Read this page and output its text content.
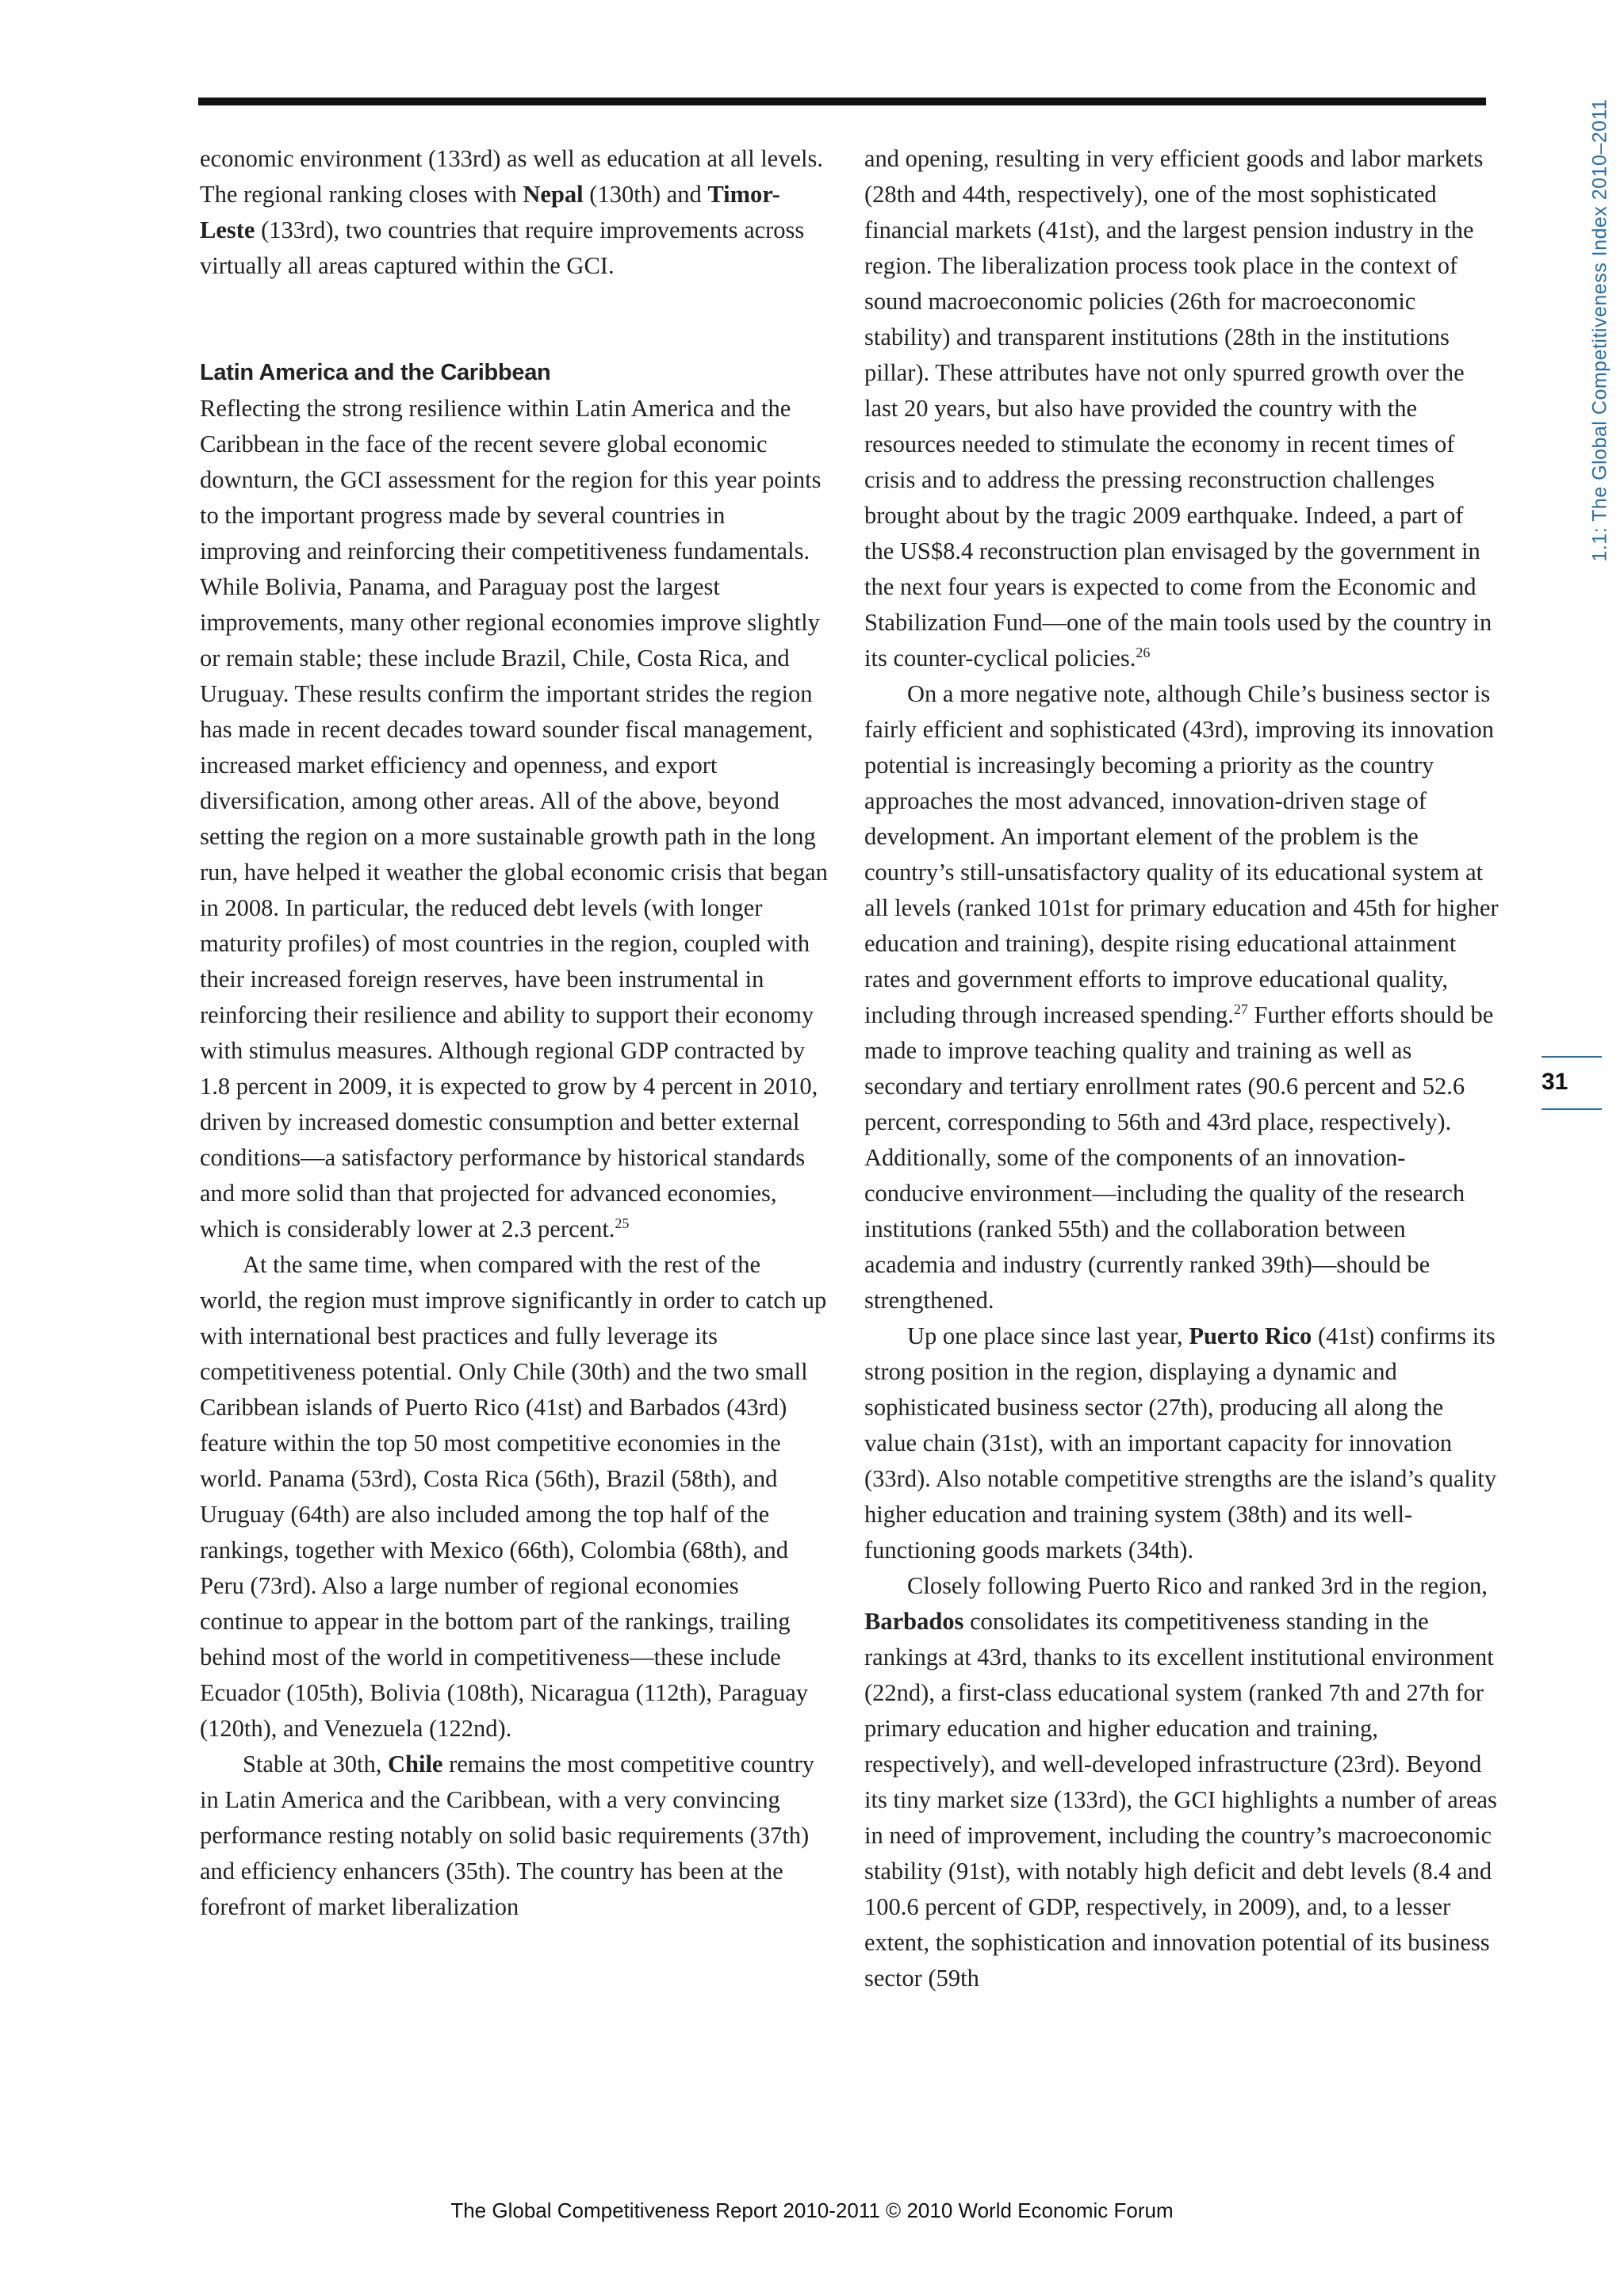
economic environment (133rd) as well as education at all levels. The regional ranking closes with Nepal (130th) and Timor-Leste (133rd), two countries that require improvements across virtually all areas captured within the GCI.

Latin America and the Caribbean

Reflecting the strong resilience within Latin America and the Caribbean in the face of the recent severe global economic downturn, the GCI assessment for the region for this year points to the important progress made by several countries in improving and reinforcing their competitiveness fundamentals. While Bolivia, Panama, and Paraguay post the largest improvements, many other regional economies improve slightly or remain stable; these include Brazil, Chile, Costa Rica, and Uruguay. These results confirm the important strides the region has made in recent decades toward sounder fiscal management, increased market efficiency and openness, and export diversification, among other areas. All of the above, beyond setting the region on a more sustainable growth path in the long run, have helped it weather the global economic crisis that began in 2008. In particular, the reduced debt levels (with longer maturity profiles) of most countries in the region, coupled with their increased foreign reserves, have been instrumental in reinforcing their resilience and ability to support their economy with stimulus measures. Although regional GDP contracted by 1.8 percent in 2009, it is expected to grow by 4 percent in 2010, driven by increased domestic consumption and better external conditions—a satisfactory performance by historical standards and more solid than that projected for advanced economies, which is considerably lower at 2.3 percent.$^{25}$

At the same time, when compared with the rest of the world, the region must improve significantly in order to catch up with international best practices and fully leverage its competitiveness potential. Only Chile (30th) and the two small Caribbean islands of Puerto Rico (41st) and Barbados (43rd) feature within the top 50 most competitive economies in the world. Panama (53rd), Costa Rica (56th), Brazil (58th), and Uruguay (64th) are also included among the top half of the rankings, together with Mexico (66th), Colombia (68th), and Peru (73rd). Also a large number of regional economies continue to appear in the bottom part of the rankings, trailing behind most of the world in competitiveness—these include Ecuador (105th), Bolivia (108th), Nicaragua (112th), Paraguay (120th), and Venezuela (122nd).

Stable at 30th, Chile remains the most competitive country in Latin America and the Caribbean, with a very convincing performance resting notably on solid basic requirements (37th) and efficiency enhancers (35th). The country has been at the forefront of market liberalization

and opening, resulting in very efficient goods and labor markets (28th and 44th, respectively), one of the most sophisticated financial markets (41st), and the largest pension industry in the region. The liberalization process took place in the context of sound macroeconomic policies (26th for macroeconomic stability) and transparent institutions (28th in the institutions pillar). These attributes have not only spurred growth over the last 20 years, but also have provided the country with the resources needed to stimulate the economy in recent times of crisis and to address the pressing reconstruction challenges brought about by the tragic 2009 earthquake. Indeed, a part of the US$8.4 reconstruction plan envisaged by the government in the next four years is expected to come from the Economic and Stabilization Fund—one of the main tools used by the country in its counter-cyclical policies.$^{26}$

On a more negative note, although Chile’s business sector is fairly efficient and sophisticated (43rd), improving its innovation potential is increasingly becoming a priority as the country approaches the most advanced, innovation-driven stage of development. An important element of the problem is the country’s still-unsatisfactory quality of its educational system at all levels (ranked 101st for primary education and 45th for higher education and training), despite rising educational attainment rates and government efforts to improve educational quality, including through increased spending.$^{27}$ Further efforts should be made to improve teaching quality and training as well as secondary and tertiary enrollment rates (90.6 percent and 52.6 percent, corresponding to 56th and 43rd place, respectively). Additionally, some of the components of an innovation-conducive environment—including the quality of the research institutions (ranked 55th) and the collaboration between academia and industry (currently ranked 39th)—should be strengthened.

Up one place since last year, Puerto Rico (41st) confirms its strong position in the region, displaying a dynamic and sophisticated business sector (27th), producing all along the value chain (31st), with an important capacity for innovation (33rd). Also notable competitive strengths are the island’s quality higher education and training system (38th) and its well-functioning goods markets (34th).

Closely following Puerto Rico and ranked 3rd in the region, Barbados consolidates its competitiveness standing in the rankings at 43rd, thanks to its excellent institutional environment (22nd), a first-class educational system (ranked 7th and 27th for primary education and higher education and training, respectively), and well-developed infrastructure (23rd). Beyond its tiny market size (133rd), the GCI highlights a number of areas in need of improvement, including the country’s macroeconomic stability (91st), with notably high deficit and debt levels (8.4 and 100.6 percent of GDP, respectively, in 2009), and, to a lesser extent, the sophistication and innovation potential of its business sector (59th

1.1: The Global Competitiveness Index 2010–2011
31
The Global Competitiveness Report 2010-2011 © 2010 World Economic Forum
